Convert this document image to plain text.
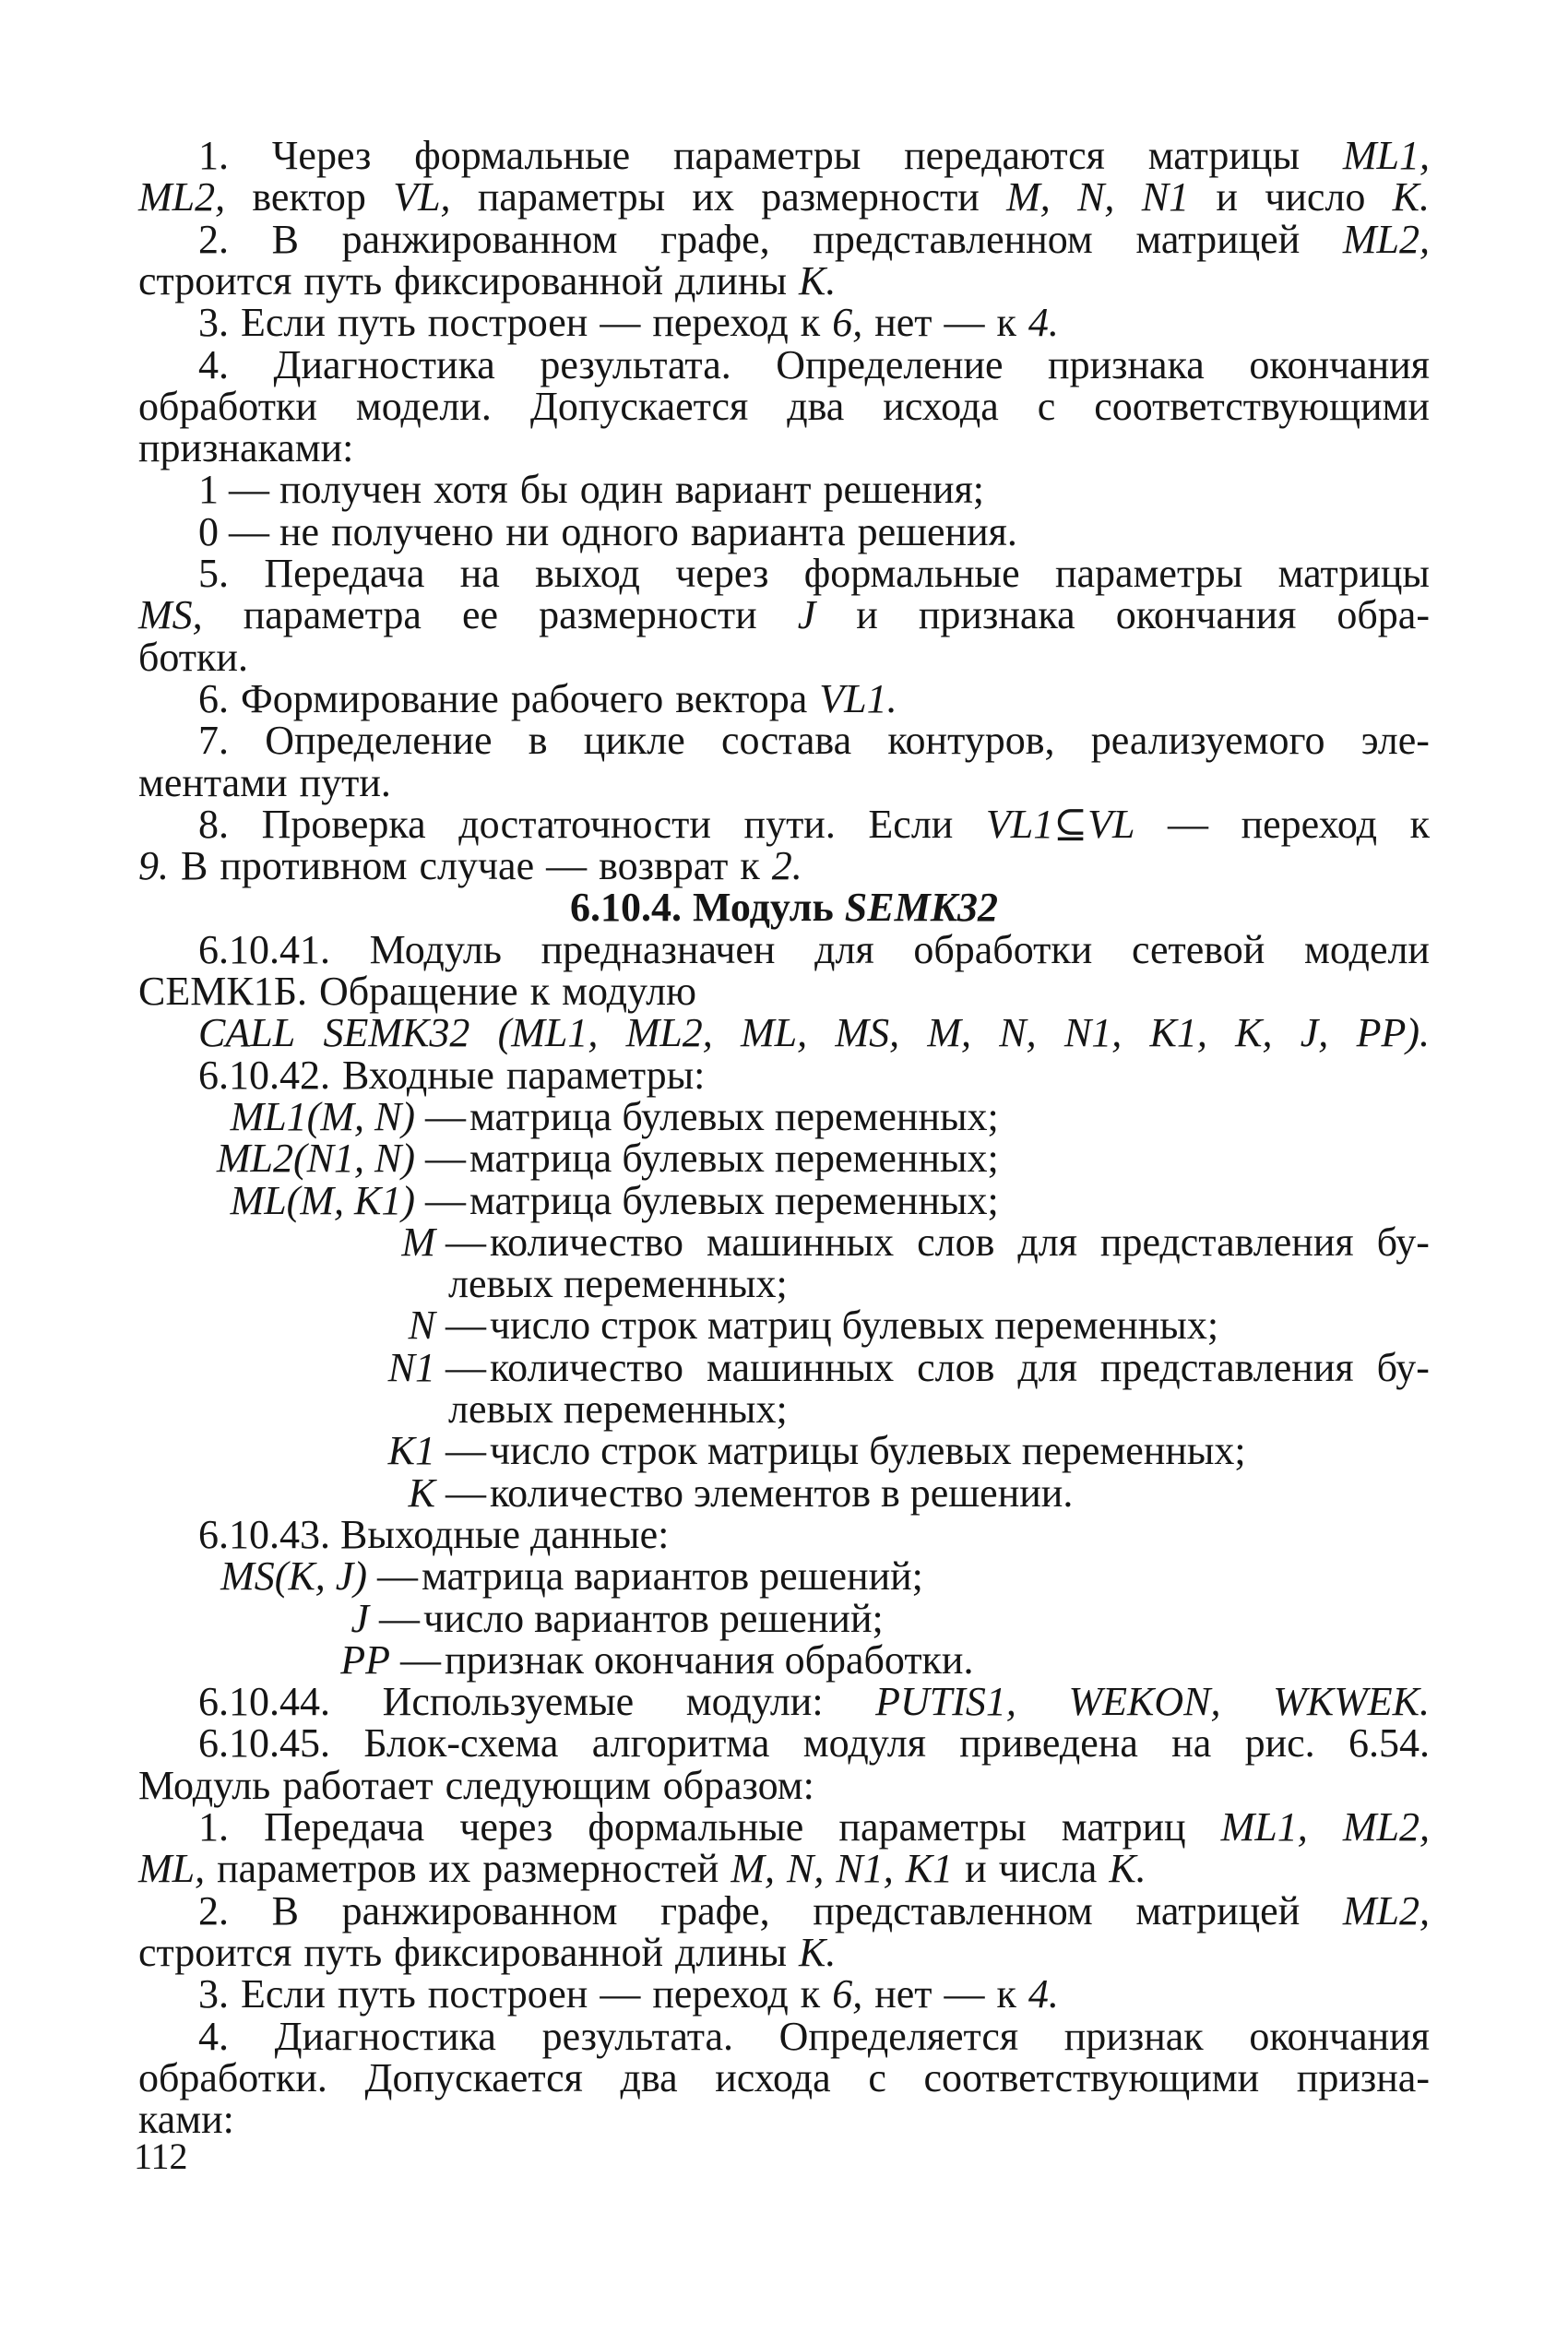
1. Через формальные параметры передаются матрицы ML1,
ML2, вектор VL, параметры их размерности M, N, N1 и число K.
2. В ранжированном графе, представленном матрицей ML2,
строится путь фиксированной длины K.
3. Если путь построен — переход к 6, нет — к 4.
4. Диагностика результата. Определение признака окончания
обработки модели. Допускается два исхода с соответствующими
признаками:
1 — получен хотя бы один вариант решения;
0 — не получено ни одного варианта решения.
5. Передача на выход через формальные параметры матрицы
MS, параметра ее размерности J и признака окончания обра-
ботки.
6. Формирование рабочего вектора VL1.
7. Определение в цикле состава контуров, реализуемого эле-
ментами пути.
8. Проверка достаточности пути. Если VL1⊆VL — переход к
9. В противном случае — возврат к 2.
6.10.4. Модуль SEMK32
6.10.41. Модуль предназначен для обработки сетевой модели
СЕМК1Б. Обращение к модулю
CALL SEMK32 (ML1, ML2, ML, MS, M, N, N1, K1, K, J, PP).
6.10.42. Входные параметры:
ML1(M, N) — матрица булевых переменных;
ML2(N1, N) — матрица булевых переменных;
ML(M, K1) — матрица булевых переменных;
M — количество машинных слов для представления бу-
левых переменных;
N — число строк матриц булевых переменных;
N1 — количество машинных слов для представления бу-
левых переменных;
K1 — число строк матрицы булевых переменных;
K — количество элементов в решении.
6.10.43. Выходные данные:
MS(K, J) — матрица вариантов решений;
J — число вариантов решений;
PP — признак окончания обработки.
6.10.44. Используемые модули: PUTIS1, WEKON, WKWEK.
6.10.45. Блок-схема алгоритма модуля приведена на рис. 6.54.
Модуль работает следующим образом:
1. Передача через формальные параметры матриц ML1, ML2,
ML, параметров их размерностей M, N, N1, K1 и числа K.
2. В ранжированном графе, представленном матрицей ML2,
строится путь фиксированной длины K.
3. Если путь построен — переход к 6, нет — к 4.
4. Диагностика результата. Определяется признак окончания
обработки. Допускается два исхода с соответствующими призна-
ками:
112
